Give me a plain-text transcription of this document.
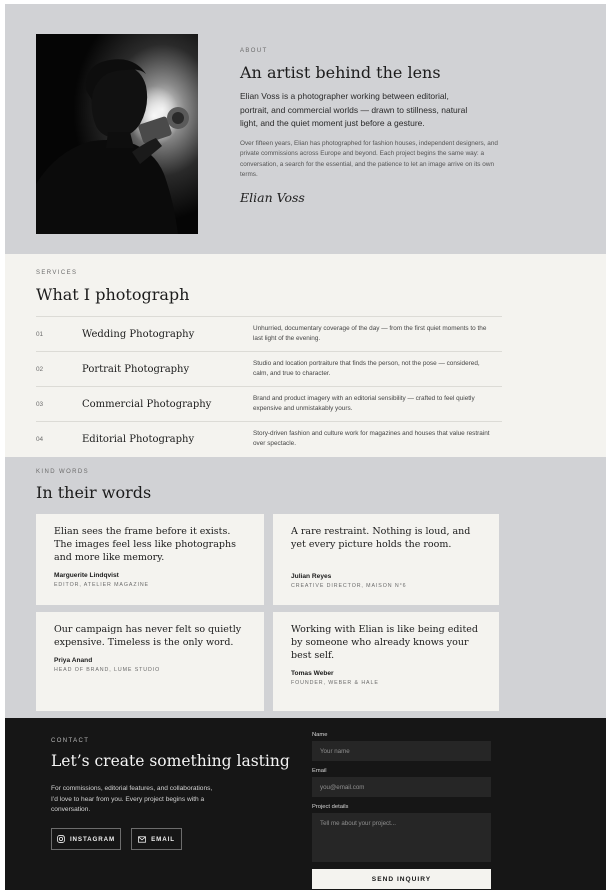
ABOUT
An artist behind the lens

Elian Voss is a photographer working between editorial, portrait, and commercial worlds — drawn to stillness, natural light, and the quiet moment just before a gesture.

Over fifteen years, Elian has photographed for fashion houses, independent designers, and private commissions across Europe and beyond. Each project begins the same way: a conversation, a search for the essential, and the patience to let an image arrive on its own terms.

Elian Voss
SERVICES
What I photograph
01	Wedding Photography	Unhurried, documentary coverage of the day — from the first quiet moments to the last light of the evening.
02	Portrait Photography	Studio and location portraiture that finds the person, not the pose — considered, calm, and true to character.
03	Commercial Photography	Brand and product imagery with an editorial sensibility — crafted to feel quietly expensive and unmistakably yours.
04	Editorial Photography	Story-driven fashion and culture work for magazines and houses that value restraint over spectacle.
KIND WORDS
In their words

Elian sees the frame before it exists. The images feel less like photographs and more like memory.

Marguerite Lindqvist
EDITOR, ATELIER MAGAZINE

A rare restraint. Nothing is loud, and yet every picture holds the room.

Julian Reyes
CREATIVE DIRECTOR, MAISON N°6

Our campaign has never felt so quietly expensive. Timeless is the only word.

Priya Anand
HEAD OF BRAND, LUME STUDIO

Working with Elian is like being edited by someone who already knows your best self.

Tomas Weber
FOUNDER, WEBER & HALE
CONTACT
Let’s create something lasting

For commissions, editorial features, and collaborations, I’d love to hear from you. Every project begins with a conversation.

INSTAGRAM	EMAIL
Name
Your name
Email
you@email.com
Project details
Tell me about your project...
SEND INQUIRY
